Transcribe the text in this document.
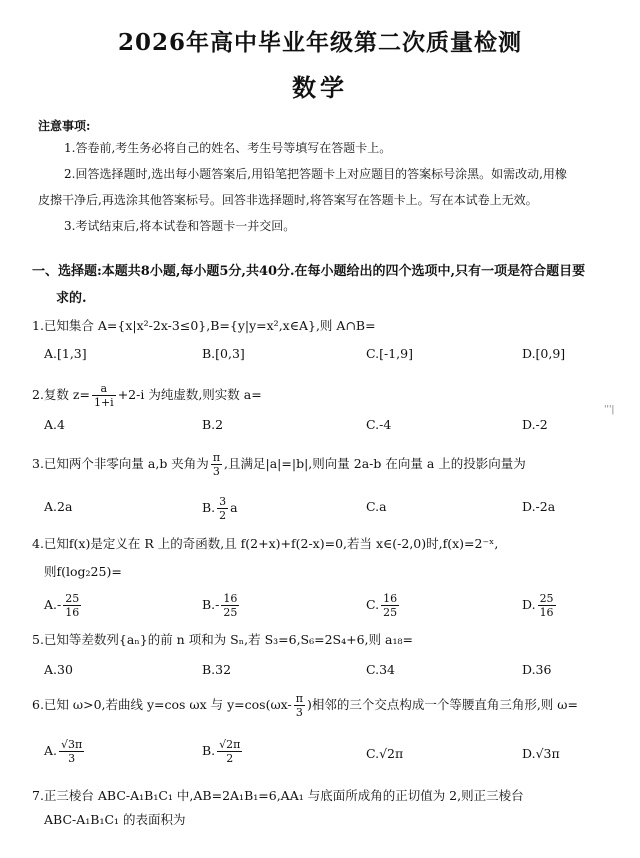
2026年高中毕业年级第二次质量检测
数学
注意事项:
1.答卷前,考生务必将自己的姓名、考生号等填写在答题卡上。
2.回答选择题时,选出每小题答案后,用铅笔把答题卡上对应题目的答案标号涂黑。如需改动,用橡
皮擦干净后,再选涂其他答案标号。回答非选择题时,将答案写在答题卡上。写在本试卷上无效。
3.考试结束后,将本试卷和答题卡一并交回。
一、选择题:本题共8小题,每小题5分,共40分.在每小题给出的四个选项中,只有一项是符合题目要
求的.
1.已知集合 A={x|x²-2x-3≤0},B={y|y=x²,x∈A},则 A∩B=
A.[1,3]	B.[0,3]	C.[-1,9]	D.[0,9]
2.复数 $z= \frac{a}{1+i} +2-i$ 为纯虚数,则实数 a=
A.4	B.2	C.-4	D.-2
3.已知两个非零向量 a,b 夹角为 $\frac{\pi}{3}$ ,且满足|a|=|b|,则向量 2a-b 在向量 a 上的投影向量为
A.2a	B. $\frac{3}{2}$ a	C.a	D.-2a
4.已知f(x)是定义在 R 上的奇函数,且 f(2+x)+f(2-x)=0,若当 x∈(-2,0)时,f(x)=2⁻ˣ,
则f(log₂25)=
$A.- \frac{25}{16}$	$B.- \frac{16}{25}$	C. $\frac{16}{25}$	D. $\frac{25}{16}$
5.已知等差数列{aₙ}的前 n 项和为 Sₙ,若 S₃=6,S₆=2S₄+6,则 a₁₈=
A.30	B.32	C.34	D.36
6.已知 ω>0,若曲线 y=cos ωx 与 $y=\cos(\omega x- \frac{\pi}{3}$ )相邻的三个交点构成一个等腰直角三角形,则 ω=
A. $\frac{√3\pi}{3}$	B. $\frac{√2\pi}{2}$	C.√2π	D.√3π
7.正三棱台 ABC-A₁B₁C₁ 中,AB=2A₁B₁=6,AA₁ 与底面所成角的正切值为 2,则正三棱台
ABC-A₁B₁C₁ 的表面积为
'''|
